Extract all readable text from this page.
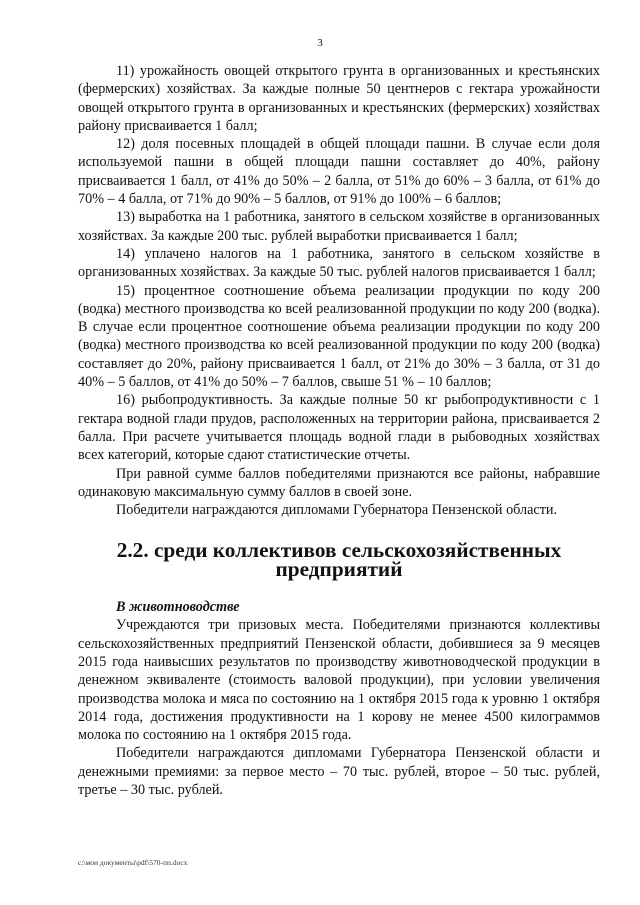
3

11) урожайность овощей открытого грунта в организованных и крестьянских (фермерских) хозяйствах. За каждые полные 50 центнеров с гектара урожайности овощей открытого грунта в организованных и крестьянских (фермерских) хозяйствах району присваивается 1 балл;

12) доля посевных площадей в общей площади пашни. В случае если доля используемой пашни в общей площади пашни составляет до 40%, району присваивается 1 балл, от 41% до 50% – 2 балла, от 51% до 60% – 3 балла, от 61% до 70% – 4 балла, от 71% до 90% – 5 баллов, от 91% до 100% – 6 баллов;

13) выработка на 1 работника, занятого в сельском хозяйстве в организованных хозяйствах. За каждые 200 тыс. рублей выработки присваивается 1 балл;

14) уплачено налогов на 1 работника, занятого в сельском хозяйстве в организованных хозяйствах. За каждые 50 тыс. рублей налогов присваивается 1 балл;

15) процентное соотношение объема реализации продукции по коду 200 (водка) местного производства ко всей реализованной продукции по коду 200 (водка). В случае если процентное соотношение объема реализации продукции по коду 200 (водка) местного производства ко всей реализованной продукции по коду 200 (водка) составляет до 20%, району присваивается 1 балл, от 21% до 30% – 3 балла, от 31 до 40% – 5 баллов, от 41% до 50% – 7 баллов, свыше 51 % – 10 баллов;

16) рыбопродуктивность. За каждые полные 50 кг рыбопродуктивности с 1 гектара водной глади прудов, расположенных на территории района, присваивается 2 балла. При расчете учитывается площадь водной глади в рыбоводных хозяйствах всех категорий, которые сдают статистические отчеты.

При равной сумме баллов победителями признаются все районы, набравшие одинаковую максимальную сумму баллов в своей зоне.

Победители награждаются дипломами Губернатора Пензенской области.

2.2. среди коллективов сельскохозяйственных предприятий

В животноводстве

Учреждаются три призовых места. Победителями признаются коллективы сельскохозяйственных предприятий Пензенской области, добившиеся за 9 месяцев 2015 года наивысших результатов по производству животноводческой продукции в денежном эквиваленте (стоимость валовой продукции), при условии увеличения производства молока и мяса по состоянию на 1 октября 2015 года к уровню 1 октября 2014 года, достижения продуктивности на 1 корову не менее 4500 килограммов молока по состоянию на 1 октября 2015 года.

Победители награждаются дипломами Губернатора Пензенской области и денежными премиями: за первое место – 70 тыс. рублей, второе – 50 тыс. рублей, третье – 30 тыс. рублей.

c:\мои документы\pdf\570-пп.docx
